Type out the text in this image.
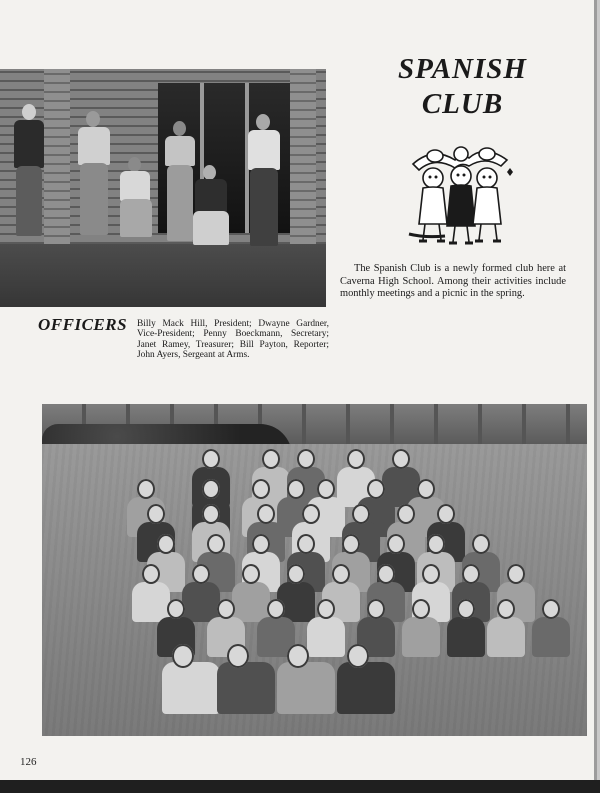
SPANISH
CLUB
The Spanish Club is a newly formed club here at Caverna High School. Among their activities include monthly meetings and a picnic in the spring.
OFFICERS Billy Mack Hill, President; Dwayne Gardner, Vice-President; Penny Boeckmann, Secretary; Janet Ramey, Treasurer; Bill Payton, Reporter; John Ayers, Sergeant at Arms.
126
